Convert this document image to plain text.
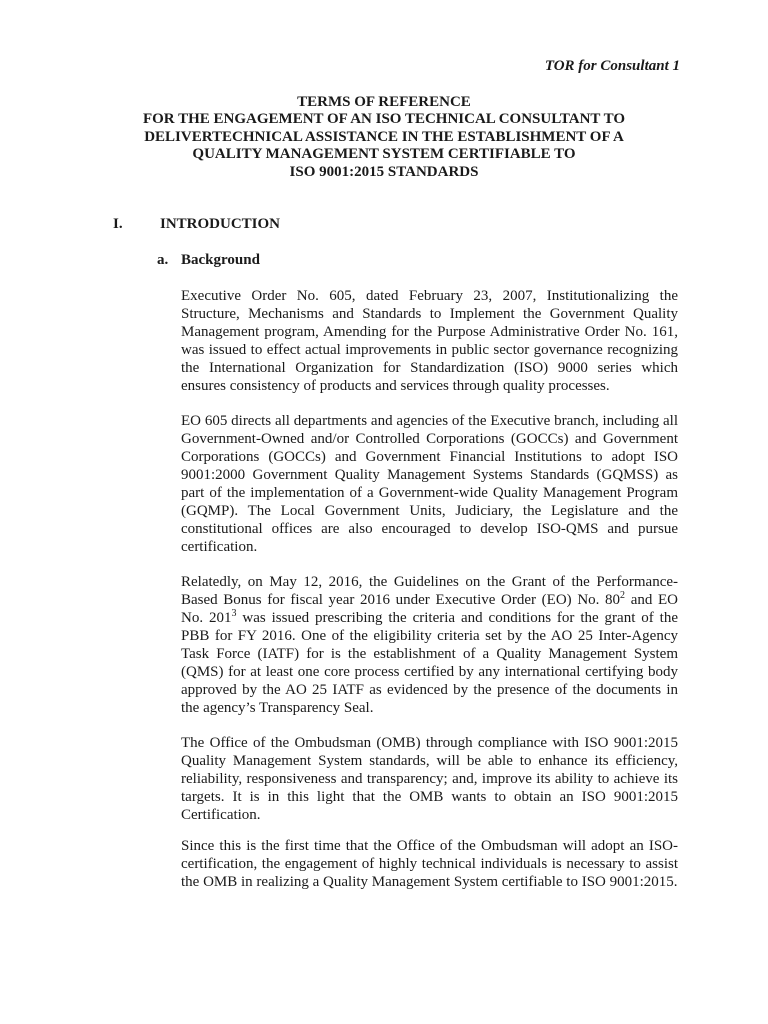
TOR for Consultant 1
TERMS OF REFERENCE
FOR THE ENGAGEMENT OF AN ISO TECHNICAL CONSULTANT TO
DELIVERTECHNICAL ASSISTANCE IN THE ESTABLISHMENT OF A
QUALITY MANAGEMENT SYSTEM CERTIFIABLE TO
ISO 9001:2015 STANDARDS
I. INTRODUCTION
a. Background

Executive Order No. 605, dated February 23, 2007, Institutionalizing the Structure, Mechanisms and Standards to Implement the Government Quality Management program, Amending for the Purpose Administrative Order No. 161, was issued to effect actual improvements in public sector governance recognizing the International Organization for Standardization (ISO) 9000 series which ensures consistency of products and services through quality processes.

EO 605 directs all departments and agencies of the Executive branch, including all Government-Owned and/or Controlled Corporations (GOCCs) and Government Corporations (GOCCs) and Government Financial Institutions to adopt ISO 9001:2000 Government Quality Management Systems Standards (GQMSS) as part of the implementation of a Government-wide Quality Management Program (GQMP). The Local Government Units, Judiciary, the Legislature and the constitutional offices are also encouraged to develop ISO-QMS and pursue certification.

Relatedly, on May 12, 2016, the Guidelines on the Grant of the Performance-Based Bonus for fiscal year 2016 under Executive Order (EO) No. $80^2$ and EO No. $201^3$ was issued prescribing the criteria and conditions for the grant of the PBB for FY 2016. One of the eligibility criteria set by the AO 25 Inter-Agency Task Force (IATF) for is the establishment of a Quality Management System (QMS) for at least one core process certified by any international certifying body approved by the AO 25 IATF as evidenced by the presence of the documents in the agency’s Transparency Seal.

The Office of the Ombudsman (OMB) through compliance with ISO 9001:2015 Quality Management System standards, will be able to enhance its efficiency, reliability, responsiveness and transparency; and, improve its ability to achieve its targets. It is in this light that the OMB wants to obtain an ISO 9001:2015 Certification.

Since this is the first time that the Office of the Ombudsman will adopt an ISO-certification, the engagement of highly technical individuals is necessary to assist the OMB in realizing a Quality Management System certifiable to ISO 9001:2015.
